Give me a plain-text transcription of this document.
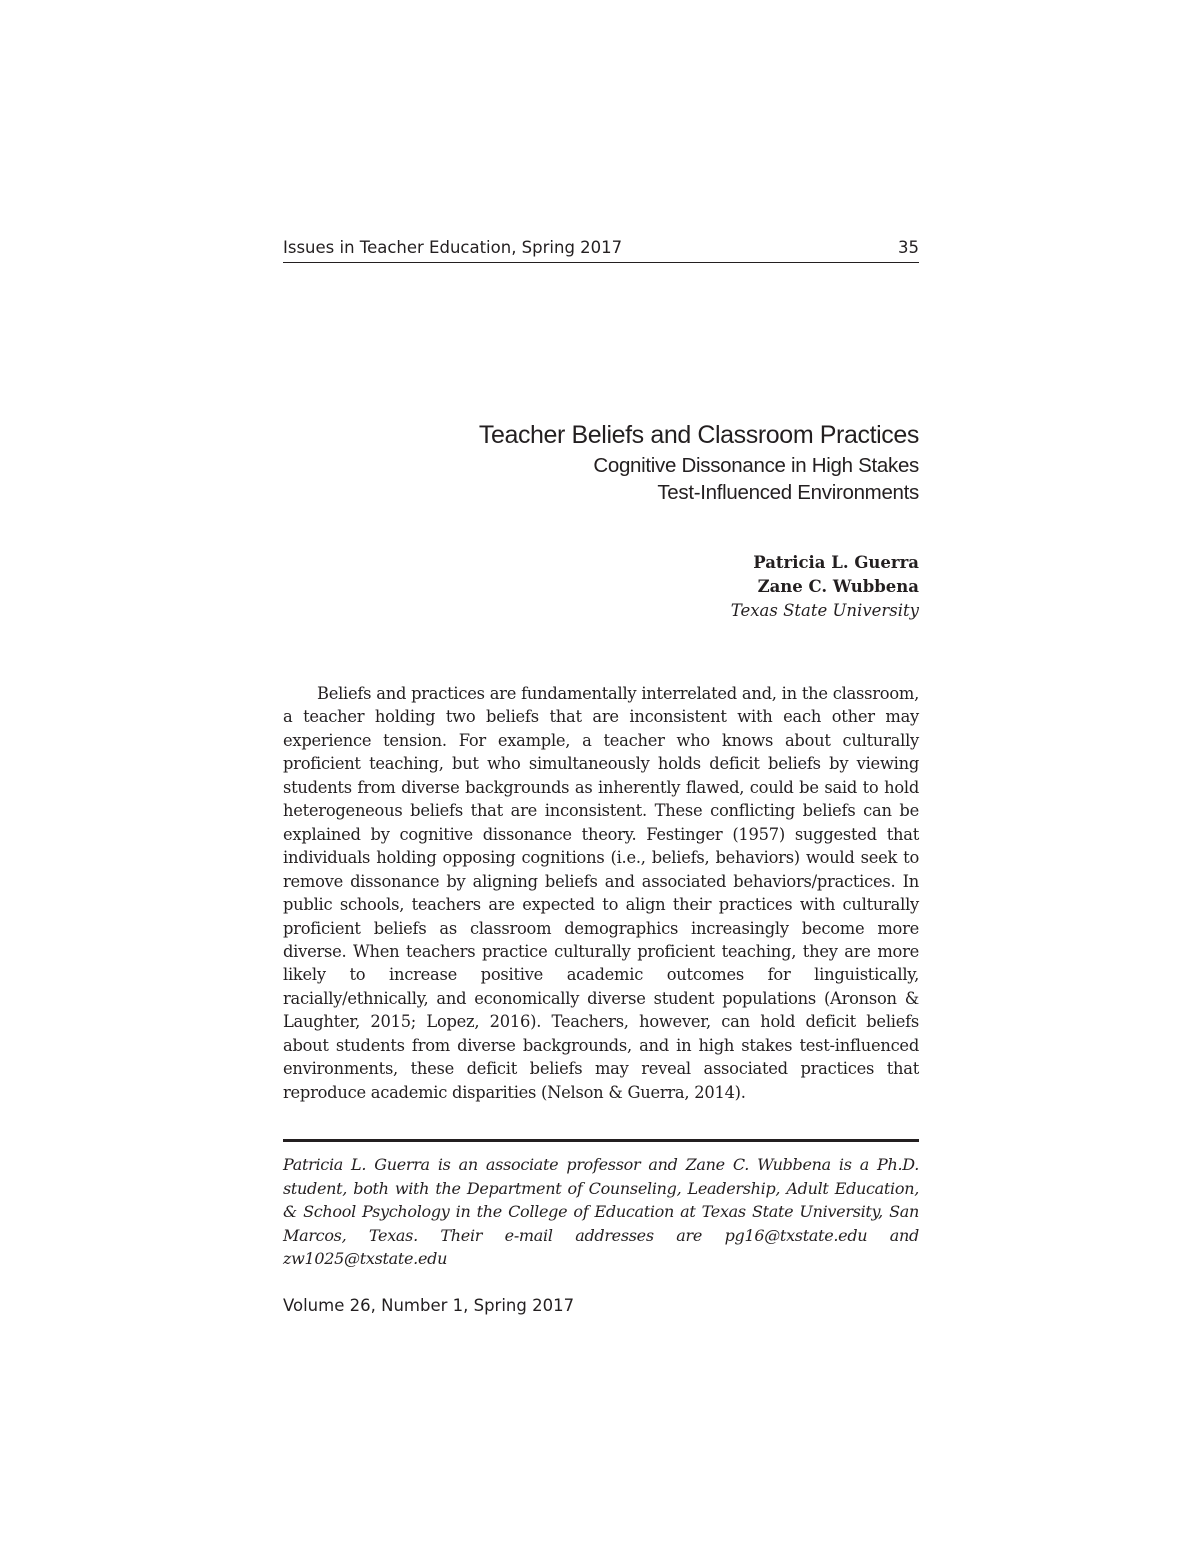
Issues in Teacher Education, Spring 2017	35
Teacher Beliefs and Classroom Practices
Cognitive Dissonance in High Stakes
Test-Influenced Environments
Patricia L. Guerra
Zane C. Wubbena
Texas State University

Beliefs and practices are fundamentally interrelated and, in the classroom, a teacher holding two beliefs that are inconsistent with each other may experience tension. For example, a teacher who knows about culturally proficient teaching, but who simultaneously holds deficit beliefs by viewing students from diverse backgrounds as inherently flawed, could be said to hold heterogeneous beliefs that are inconsistent. These conflicting beliefs can be explained by cognitive dissonance theory. Festinger (1957) suggested that individuals holding opposing cognitions (i.e., beliefs, behaviors) would seek to remove dissonance by aligning beliefs and associated behaviors/practices. In public schools, teachers are expected to align their practices with culturally proficient beliefs as classroom demographics increasingly become more diverse. When teachers practice culturally proficient teaching, they are more likely to increase positive academic outcomes for linguistically, racially/ethnically, and economically diverse student populations (Aronson & Laughter, 2015; Lopez, 2016). Teachers, however, can hold deficit beliefs about students from diverse backgrounds, and in high stakes test-influenced environments, these deficit beliefs may reveal associated practices that reproduce academic disparities (Nelson & Guerra, 2014).

Patricia L. Guerra is an associate professor and Zane C. Wubbena is a Ph.D. student, both with the Department of Counseling, Leadership, Adult Education, & School Psychology in the College of Education at Texas State University, San Marcos, Texas. Their e-mail addresses are pg16@txstate.edu and zw1025@txstate.edu

Volume 26, Number 1, Spring 2017
